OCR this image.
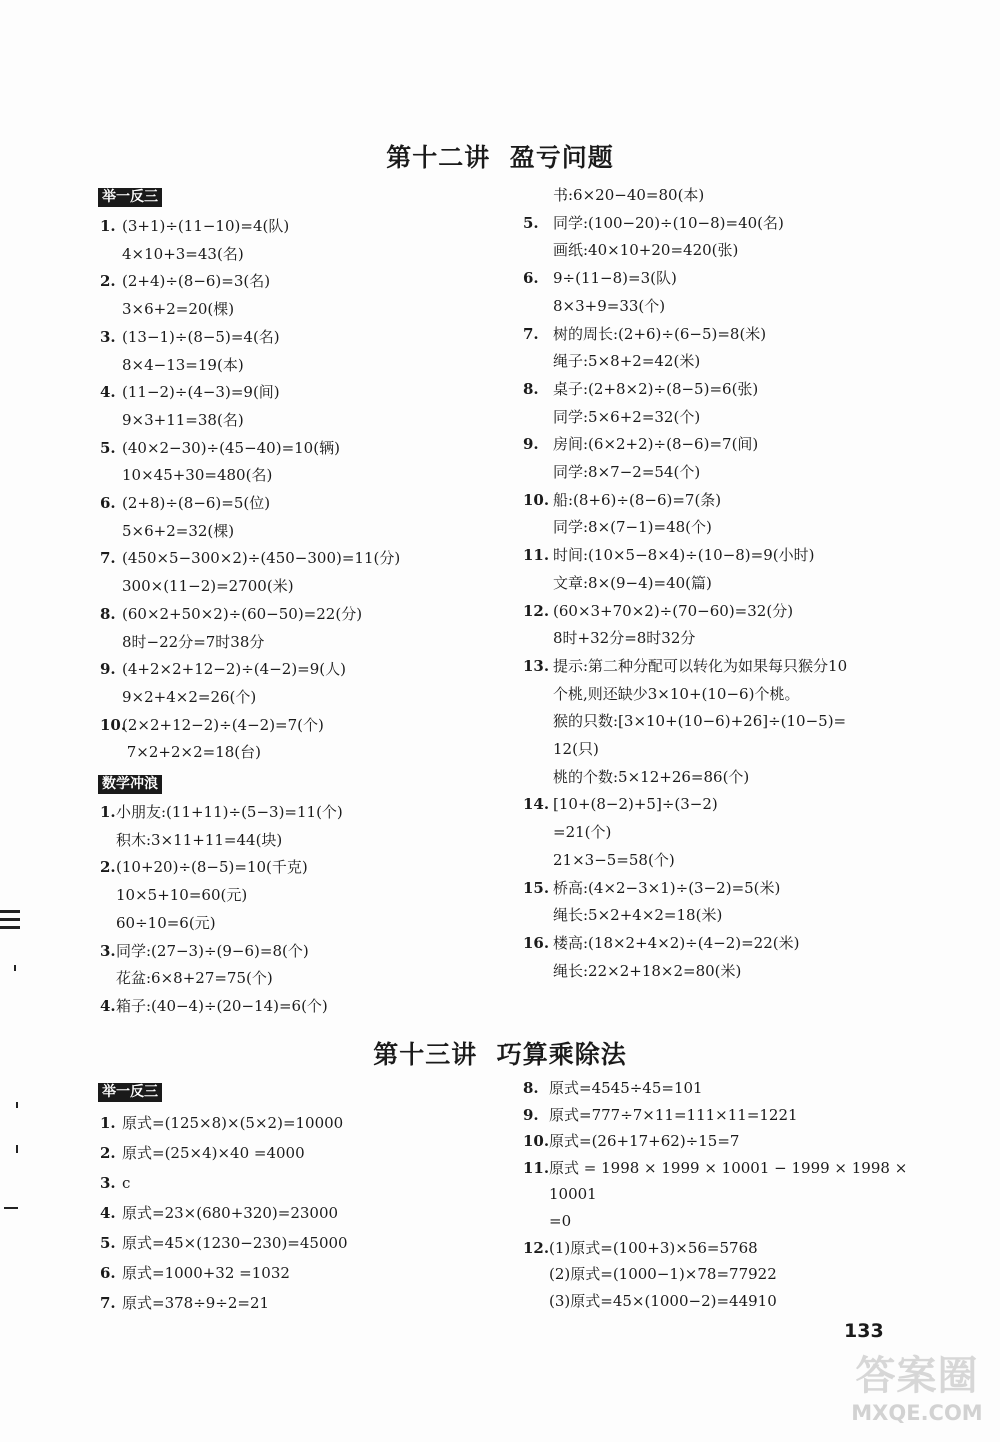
第十二讲  盈亏问题
举一反三
数学冲浪
第十三讲  巧算乘除法
举一反三
1. (3+1)÷(11−10)=4(队)
4×10+3=43(名)
2. (2+4)÷(8−6)=3(名)
3×6+2=20(棵)
3. (13−1)÷(8−5)=4(名)
8×4−13=19(本)
4. (11−2)÷(4−3)=9(间)
9×3+11=38(名)
5. (40×2−30)÷(45−40)=10(辆)
10×45+30=480(名)
6. (2+8)÷(8−6)=5(位)
5×6+2=32(棵)
7. (450×5−300×2)÷(450−300)=11(分)
300×(11−2)=2700(米)
8. (60×2+50×2)÷(60−50)=22(分)
8时−22分=7时38分
9. (4+2×2+12−2)÷(4−2)=9(人)
9×2+4×2=26(个)
10.(2×2+12−2)÷(4−2)=7(个)
7×2+2×2=18(台)
1.小朋友:(11+11)÷(5−3)=11(个)
积木:3×11+11=44(块)
2.(10+20)÷(8−5)=10(千克)
10×5+10=60(元)
60÷10=6(元)
3.同学:(27−3)÷(9−6)=8(个)
花盆:6×8+27=75(个)
4.箱子:(40−4)÷(20−14)=6(个)
书:6×20−40=80(本)
5. 同学:(100−20)÷(10−8)=40(名)
画纸:40×10+20=420(张)
6. 9÷(11−8)=3(队)
8×3+9=33(个)
7. 树的周长:(2+6)÷(6−5)=8(米)
绳子:5×8+2=42(米)
8. 桌子:(2+8×2)÷(8−5)=6(张)
同学:5×6+2=32(个)
9. 房间:(6×2+2)÷(8−6)=7(间)
同学:8×7−2=54(个)
10. 船:(8+6)÷(8−6)=7(条)
同学:8×(7−1)=48(个)
11. 时间:(10×5−8×4)÷(10−8)=9(小时)
文章:8×(9−4)=40(篇)
12. (60×3+70×2)÷(70−60)=32(分)
8时+32分=8时32分
13. 提示:第二种分配可以转化为如果每只猴分10
个桃,则还缺少3×10+(10−6)个桃。
猴的只数:[3×10+(10−6)+26]÷(10−5)=
12(只)
桃的个数:5×12+26=86(个)
14. [10+(8−2)+5]÷(3−2)
=21(个)
21×3−5=58(个)
15. 桥高:(4×2−3×1)÷(3−2)=5(米)
绳长:5×2+4×2=18(米)
16. 楼高:(18×2+4×2)÷(4−2)=22(米)
绳长:22×2+18×2=80(米)
1. 原式=(125×8)×(5×2)=10000
2. 原式=(25×4)×40 =4000
3. c
4. 原式=23×(680+320)=23000
5. 原式=45×(1230−230)=45000
6. 原式=1000+32 =1032
7. 原式=378÷9÷2=21
8. 原式=4545÷45=101
9. 原式=777÷7×11=111×11=1221
10.原式=(26+17+62)÷15=7
11.原式 = 1998 × 1999 × 10001 − 1999 × 1998 ×
10001
=0
12.(1)原式=(100+3)×56=5768
(2)原式=(1000−1)×78=77922
(3)原式=45×(1000−2)=44910
133
答案圈
MXQE.COM
